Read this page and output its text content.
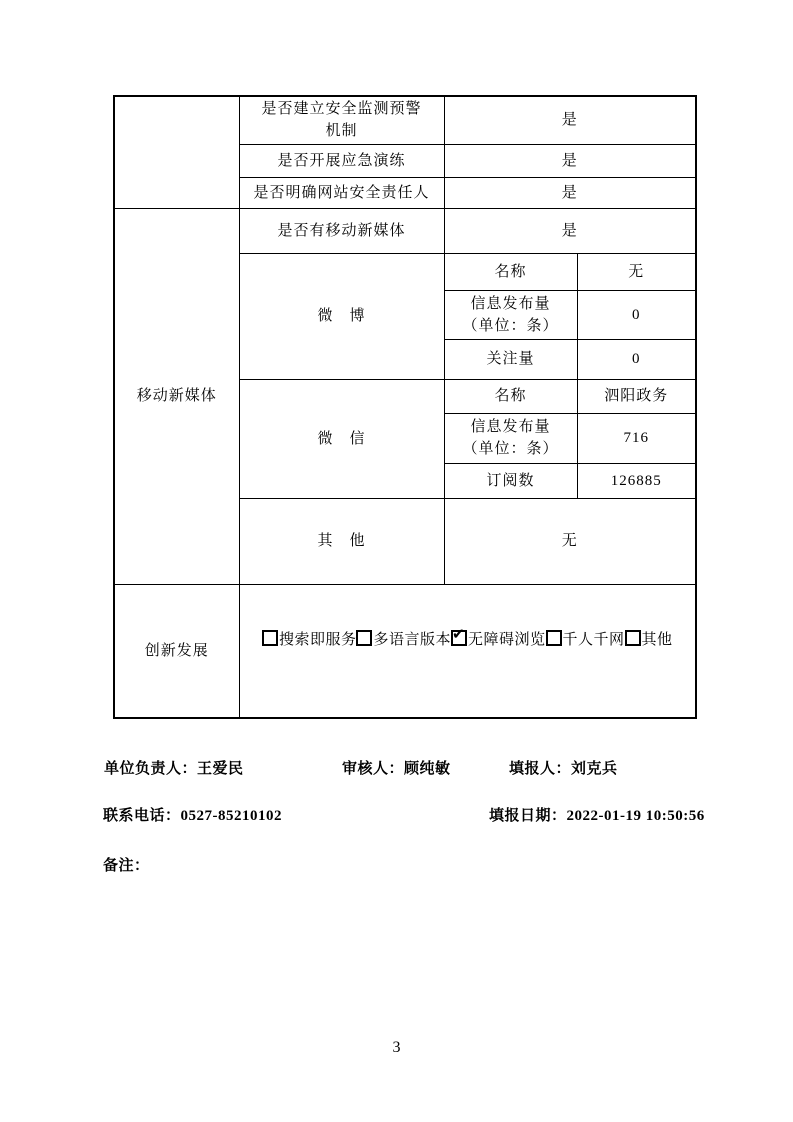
	是否建立安全监测预警
机制	是	
	是否开展应急演练	是	
	是否明确网站安全责任人	是	
移动新媒体	是否有移动新媒体	是	
	微　博	名称	无

		信息发布量
（单位：条）	0
		关注量	0
	微　信	名称	泗阳政务

		信息发布量
（单位：条）	716
		订阅数	126885
	其　他	无	
创新发展	搜索即服务 多语言版本 ✔ 无障碍浏览 千人千网 其他		
单位负责人：王爱民	审核人：顾纯敏	填报人：刘克兵
联系电话：0527-85210102	填报日期：2022-01-19 10:50:56
备注：
3
